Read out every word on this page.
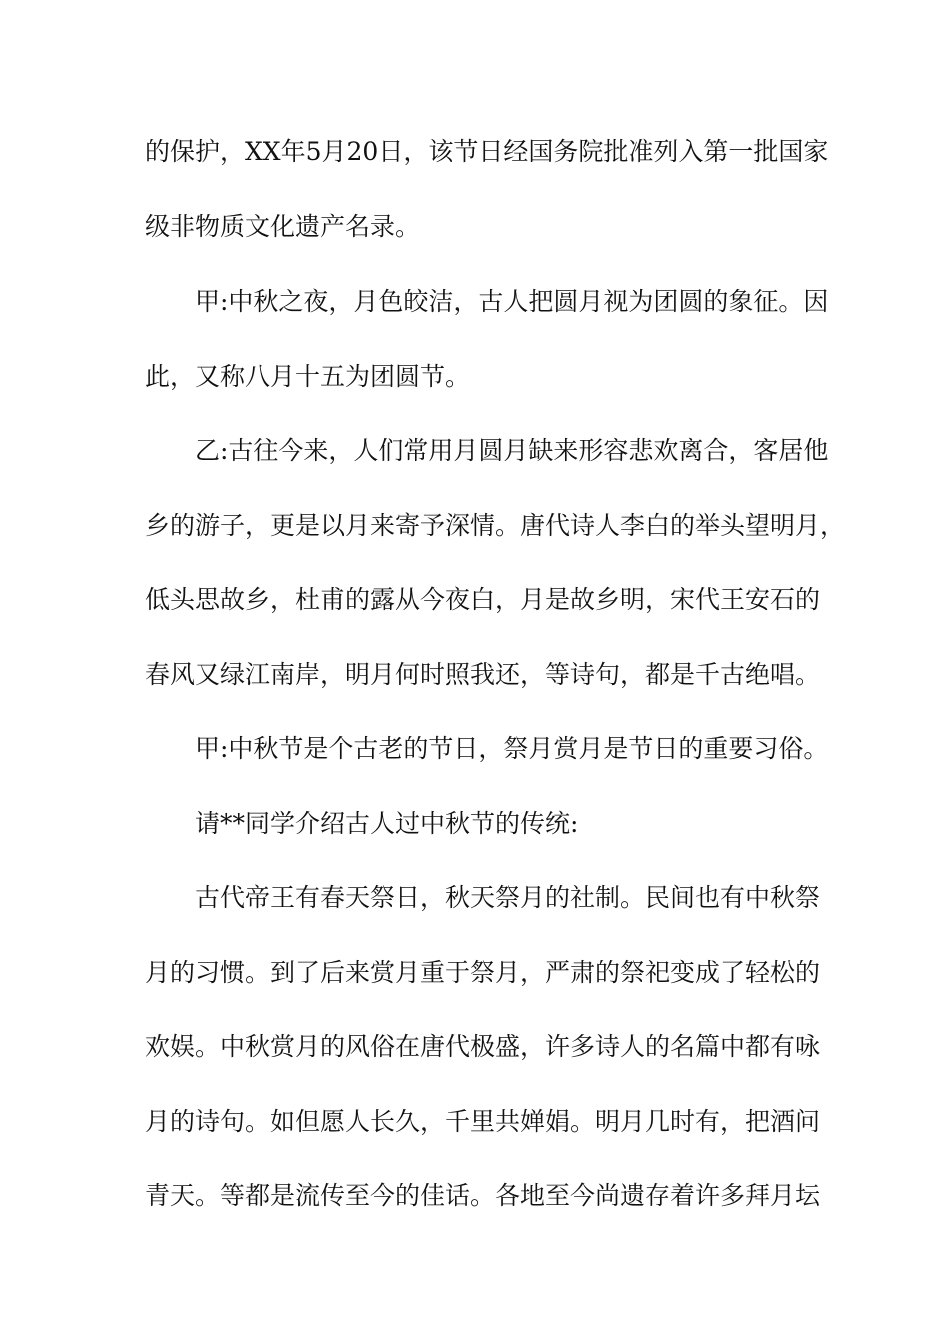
的保护，XX年5月20日，该节日经国务院批准列入第一批国家
级非物质文化遗产名录。
甲:中秋之夜，月色皎洁，古人把圆月视为团圆的象征。因
此，又称八月十五为团圆节。
乙:古往今来，人们常用月圆月缺来形容悲欢离合，客居他
乡的游子，更是以月来寄予深情。唐代诗人李白的举头望明月，
低头思故乡，杜甫的露从今夜白，月是故乡明，宋代王安石的
春风又绿江南岸，明月何时照我还，等诗句，都是千古绝唱。
甲:中秋节是个古老的节日，祭月赏月是节日的重要习俗。
请**同学介绍古人过中秋节的传统:
古代帝王有春天祭日，秋天祭月的社制。民间也有中秋祭
月的习惯。到了后来赏月重于祭月，严肃的祭祀变成了轻松的
欢娱。中秋赏月的风俗在唐代极盛，许多诗人的名篇中都有咏
月的诗句。如但愿人长久，千里共婵娟。明月几时有，把酒问
青天。等都是流传至今的佳话。各地至今尚遗存着许多拜月坛
